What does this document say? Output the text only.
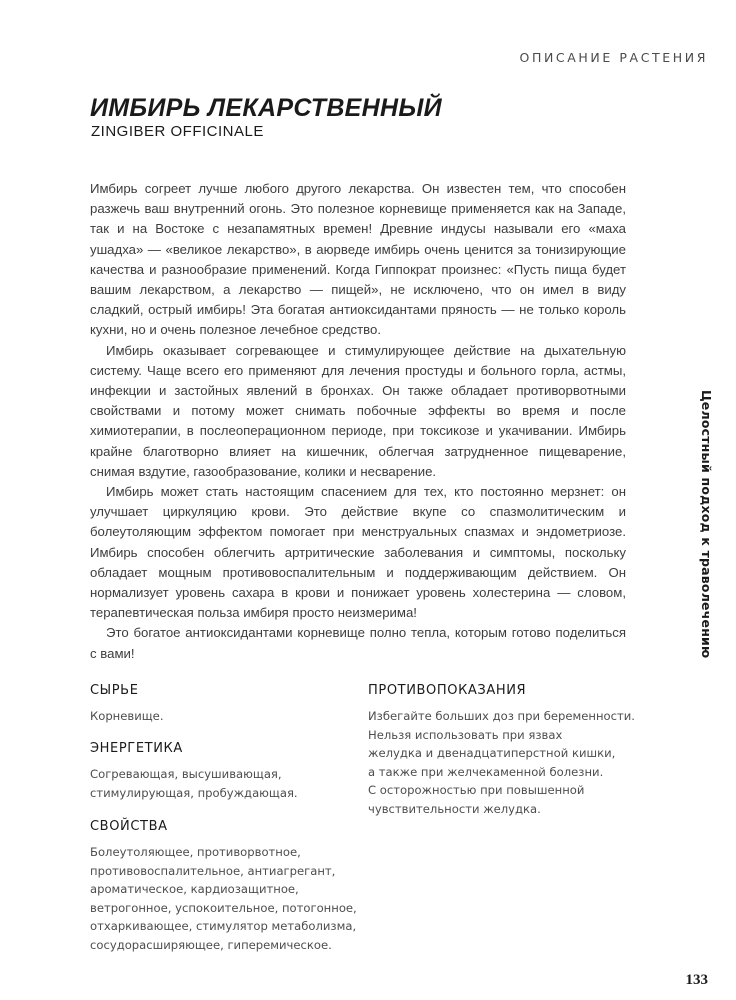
ОПИСАНИЕ РАСТЕНИЯ
ИМБИРЬ ЛЕКАРСТВЕННЫЙ
ZINGIBER OFFICINALE

Имбирь согреет лучше любого другого лекарства. Он известен тем, что способен разжечь ваш внутренний огонь. Это полезное корневище применяется как на Западе, так и на Востоке с незапамятных времен! Древние индусы называли его «маха ушадха» — «великое лекарство», в аюрведе имбирь очень ценится за тонизирующие качества и разнообразие применений. Когда Гиппократ произнес: «Пусть пища будет вашим лекарством, а лекарство — пищей», не исключено, что он имел в виду сладкий, острый имбирь! Эта богатая антиоксидантами пряность — не только король кухни, но и очень полезное лечебное средство.

Имбирь оказывает согревающее и стимулирующее действие на дыхательную систему. Чаще всего его применяют для лечения простуды и больного горла, астмы, инфекции и застойных явлений в бронхах. Он также обладает противорвотными свойствами и потому может снимать побочные эффекты во время и после химиотерапии, в послеоперационном периоде, при токсикозе и укачивании. Имбирь крайне благотворно влияет на кишечник, облегчая затрудненное пищеварение, снимая вздутие, газообразование, колики и несварение.

Имбирь может стать настоящим спасением для тех, кто постоянно мерзнет: он улучшает циркуляцию крови. Это действие вкупе со спазмолитическим и болеутоляющим эффектом помогает при менструальных спазмах и эндометриозе. Имбирь способен облегчить артритические заболевания и симптомы, поскольку обладает мощным противовоспалительным и поддерживающим действием. Он нормализует уровень сахара в крови и понижает уровень холестерина — словом, терапевтическая польза имбиря просто неизмерима!

Это богатое антиоксидантами корневище полно тепла, которым готово поделиться с вами!

СЫРЬЕ
Корневище.
ЭНЕРГЕТИКА
Согревающая, высушивающая,
стимулирующая, пробуждающая.
СВОЙСТВА
Болеутоляющее, противорвотное,
противовоспалительное, антиагрегант,
ароматическое, кардиозащитное,
ветрогонное, успокоительное, потогонное,
отхаркивающее, стимулятор метаболизма,
сосудорасширяющее, гиперемическое.
ПРОТИВОПОКАЗАНИЯ
Избегайте больших доз при беременности.
Нельзя использовать при язвах
желудка и двенадцатиперстной кишки,
а также при желчекаменной болезни.
С осторожностью при повышенной
чувствительности желудка.
Целостный подход к траволечению
133
